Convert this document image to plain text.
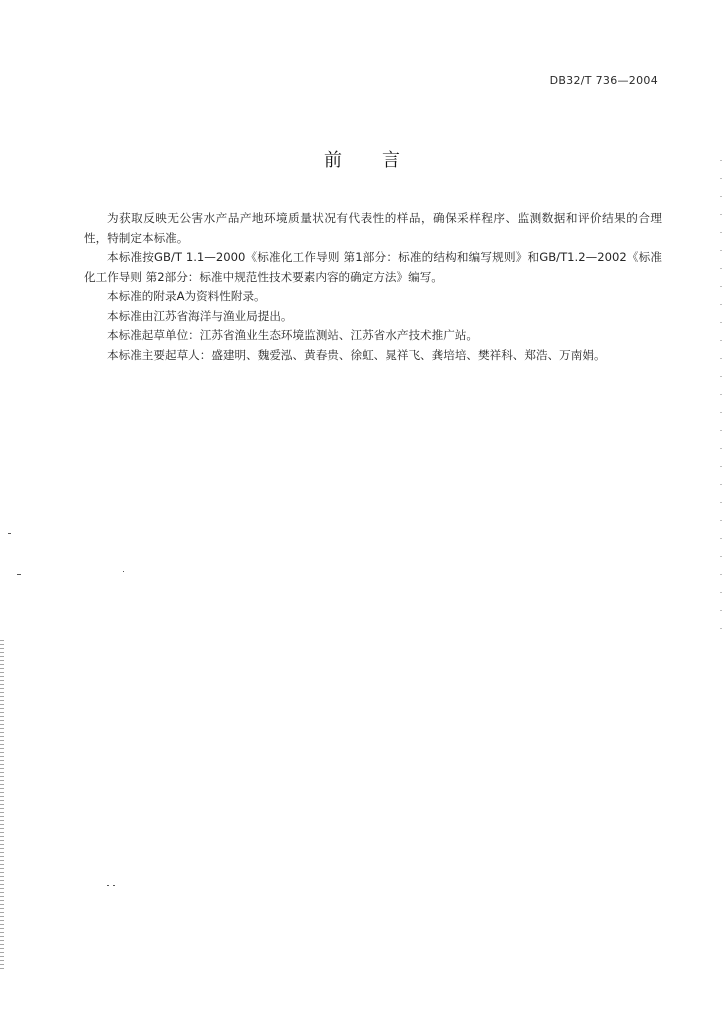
DB32/T 736—2004
前言

为获取反映无公害水产品产地环境质量状况有代表性的样品，确保采样程序、监测数据和评价结果的合理性，特制定本标准。

本标准按GB/T 1.1—2000《标准化工作导则 第1部分：标准的结构和编写规则》和GB/T1.2—2002《标准化工作导则 第2部分：标准中规范性技术要素内容的确定方法》编写。

本标准的附录A为资料性附录。

本标准由江苏省海洋与渔业局提出。

本标准起草单位：江苏省渔业生态环境监测站、江苏省水产技术推广站。

本标准主要起草人：盛建明、魏爱泓、黄春贵、徐虹、晁祥飞、龚培培、樊祥科、郑浩、万南娟。
